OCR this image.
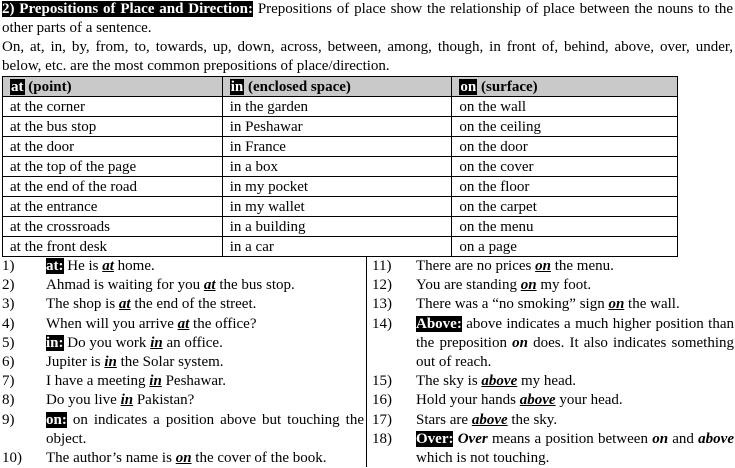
2) Prepositions of Place and Direction: Prepositions of place show the relationship of place between the nouns to the other parts of a sentence.

On, at, in, by, from, to, towards, up, down, across, between, among, though, in front of, behind, above, over, under, below, etc. are the most common prepositions of place/direction.

at (point)	in (enclosed space)	on (surface)
at the corner	in the garden	on the wall
at the bus stop	in Peshawar	on the ceiling
at the door	in France	on the door
at the top of the page	in a box	on the cover
at the end of the road	in my pocket	on the floor
at the entrance	in my wallet	on the carpet
at the crossroads	in a building	on the menu
at the front desk	in a car	on a page
1)	at: He is at home.
2)	Ahmad is waiting for you at the bus stop.
3)	The shop is at the end of the street.
4)	When will you arrive at the office?
5)	in: Do you work in an office.
6)	Jupiter is in the Solar system.
7)	I have a meeting in Peshawar.
8)	Do you live in Pakistan?
9)	on: on indicates a position above but touching the object.
10)	The author’s name is on the cover of the book.
11)	There are no prices on the menu.
12)	You are standing on my foot.
13)	There was a “no smoking” sign on the wall.
14)	Above: above indicates a much higher position than the preposition on does. It also indicates something out of reach.
15)	The sky is above my head.
16)	Hold your hands above your head.
17)	Stars are above the sky.
18)	Over: Over means a position between on and above which is not touching.
